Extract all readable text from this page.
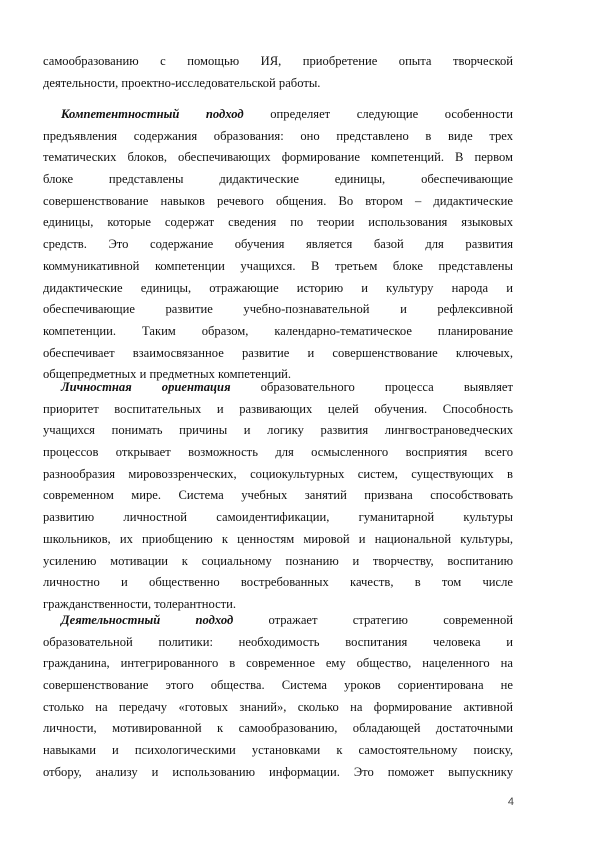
самообразованию с помощью ИЯ, приобретение опыта творческой
деятельности, проектно-исследовательской работы.
Компетентностный подход определяет следующие особенности
предъявления содержания образования: оно представлено в виде трех
тематических блоков, обеспечивающих формирование компетенций. В первом
блоке представлены дидактические единицы, обеспечивающие
совершенствование навыков речевого общения. Во втором – дидактические
единицы, которые содержат сведения по теории использования языковых
средств. Это содержание обучения является базой для развития
коммуникативной компетенции учащихся. В третьем блоке представлены
дидактические единицы, отражающие историю и культуру народа и
обеспечивающие развитие учебно-познавательной и рефлексивной
компетенции. Таким образом, календарно-тематическое планирование
обеспечивает взаимосвязанное развитие и совершенствование ключевых,
общепредметных и предметных компетенций.
Личностная ориентация образовательного процесса выявляет
приоритет воспитательных и развивающих целей обучения. Способность
учащихся понимать причины и логику развития лингвострановедческих
процессов открывает возможность для осмысленного восприятия всего
разнообразия мировоззренческих, социокультурных систем, существующих в
современном мире. Система учебных занятий призвана способствовать
развитию личностной самоидентификации, гуманитарной культуры
школьников, их приобщению к ценностям мировой и национальной культуры,
усилению мотивации к социальному познанию и творчеству, воспитанию
личностно и общественно востребованных качеств, в том числе
гражданственности, толерантности.
Деятельностный подход	отражает стратегию современной
образовательной политики: необходимость воспитания человека и
гражданина, интегрированного в современное ему общество, нацеленного на
совершенствование этого общества. Система уроков сориентирована не
столько на передачу «готовых знаний», сколько на формирование активной
личности, мотивированной к самообразованию, обладающей достаточными
навыками и психологическими установками к самостоятельному поиску,
отбору, анализу и использованию информации. Это поможет выпускнику
4
